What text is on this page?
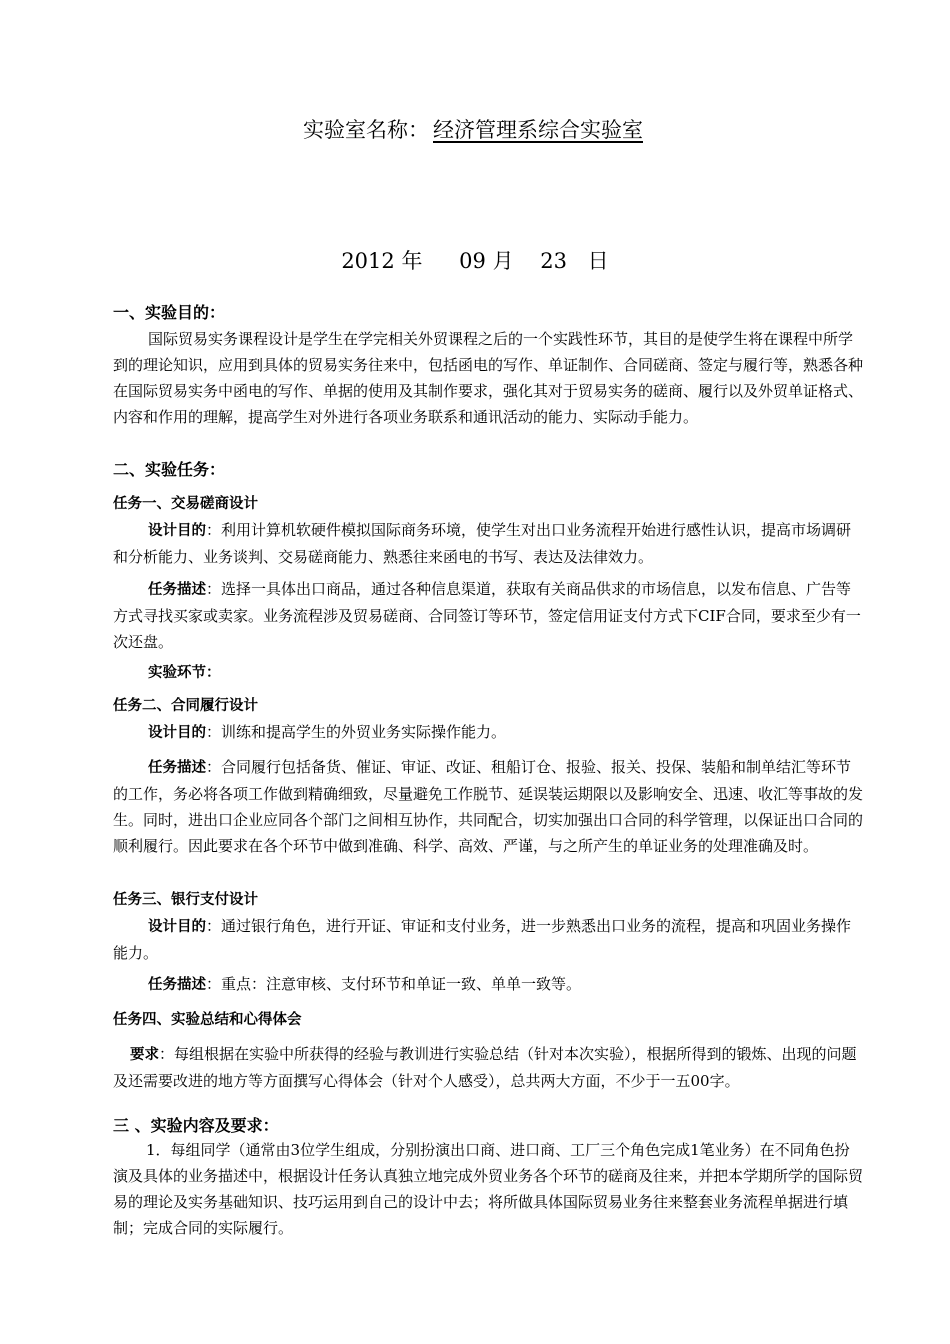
实验室名称： 经济管理系综合实验室
2012 年 09 月 23 日

一、实验目的：

国际贸易实务课程设计是学生在学完相关外贸课程之后的一个实践性环节，其目的是使学生将在课程中所学到的理论知识，应用到具体的贸易实务往来中，包括函电的写作、单证制作、合同磋商、签定与履行等，熟悉各种在国际贸易实务中函电的写作、单据的使用及其制作要求，强化其对于贸易实务的磋商、履行以及外贸单证格式、内容和作用的理解，提高学生对外进行各项业务联系和通讯活动的能力、实际动手能力。

二、实验任务：

任务一、交易磋商设计

设计目的：利用计算机软硬件模拟国际商务环境，使学生对出口业务流程开始进行感性认识，提高市场调研和分析能力、业务谈判、交易磋商能力、熟悉往来函电的书写、表达及法律效力。

任务描述：选择一具体出口商品，通过各种信息渠道，获取有关商品供求的市场信息，以发布信息、广告等方式寻找买家或卖家。业务流程涉及贸易磋商、合同签订等环节，签定信用证支付方式下CIF合同，要求至少有一次还盘。

实验环节：

任务二、合同履行设计

设计目的：训练和提高学生的外贸业务实际操作能力。

任务描述：合同履行包括备货、催证、审证、改证、租船订仓、报验、报关、投保、装船和制单结汇等环节的工作，务必将各项工作做到精确细致，尽量避免工作脱节、延误装运期限以及影响安全、迅速、收汇等事故的发生。同时，进出口企业应同各个部门之间相互协作，共同配合，切实加强出口合同的科学管理，以保证出口合同的顺利履行。因此要求在各个环节中做到准确、科学、高效、严谨，与之所产生的单证业务的处理准确及时。

任务三、银行支付设计

设计目的：通过银行角色，进行开证、审证和支付业务，进一步熟悉出口业务的流程，提高和巩固业务操作能力。

任务描述：重点：注意审核、支付环节和单证一致、单单一致等。

任务四、实验总结和心得体会

要求：每组根据在实验中所获得的经验与教训进行实验总结（针对本次实验），根据所得到的锻炼、出现的问题及还需要改进的地方等方面撰写心得体会（针对个人感受），总共两大方面，不少于一五00字。

三 、实验内容及要求：

1．每组同学（通常由3位学生组成，分别扮演出口商、进口商、工厂三个角色完成1笔业务）在不同角色扮演及具体的业务描述中，根据设计任务认真独立地完成外贸业务各个环节的磋商及往来，并把本学期所学的国际贸易的理论及实务基础知识、技巧运用到自己的设计中去；将所做具体国际贸易业务往来整套业务流程单据进行填制；完成合同的实际履行。
